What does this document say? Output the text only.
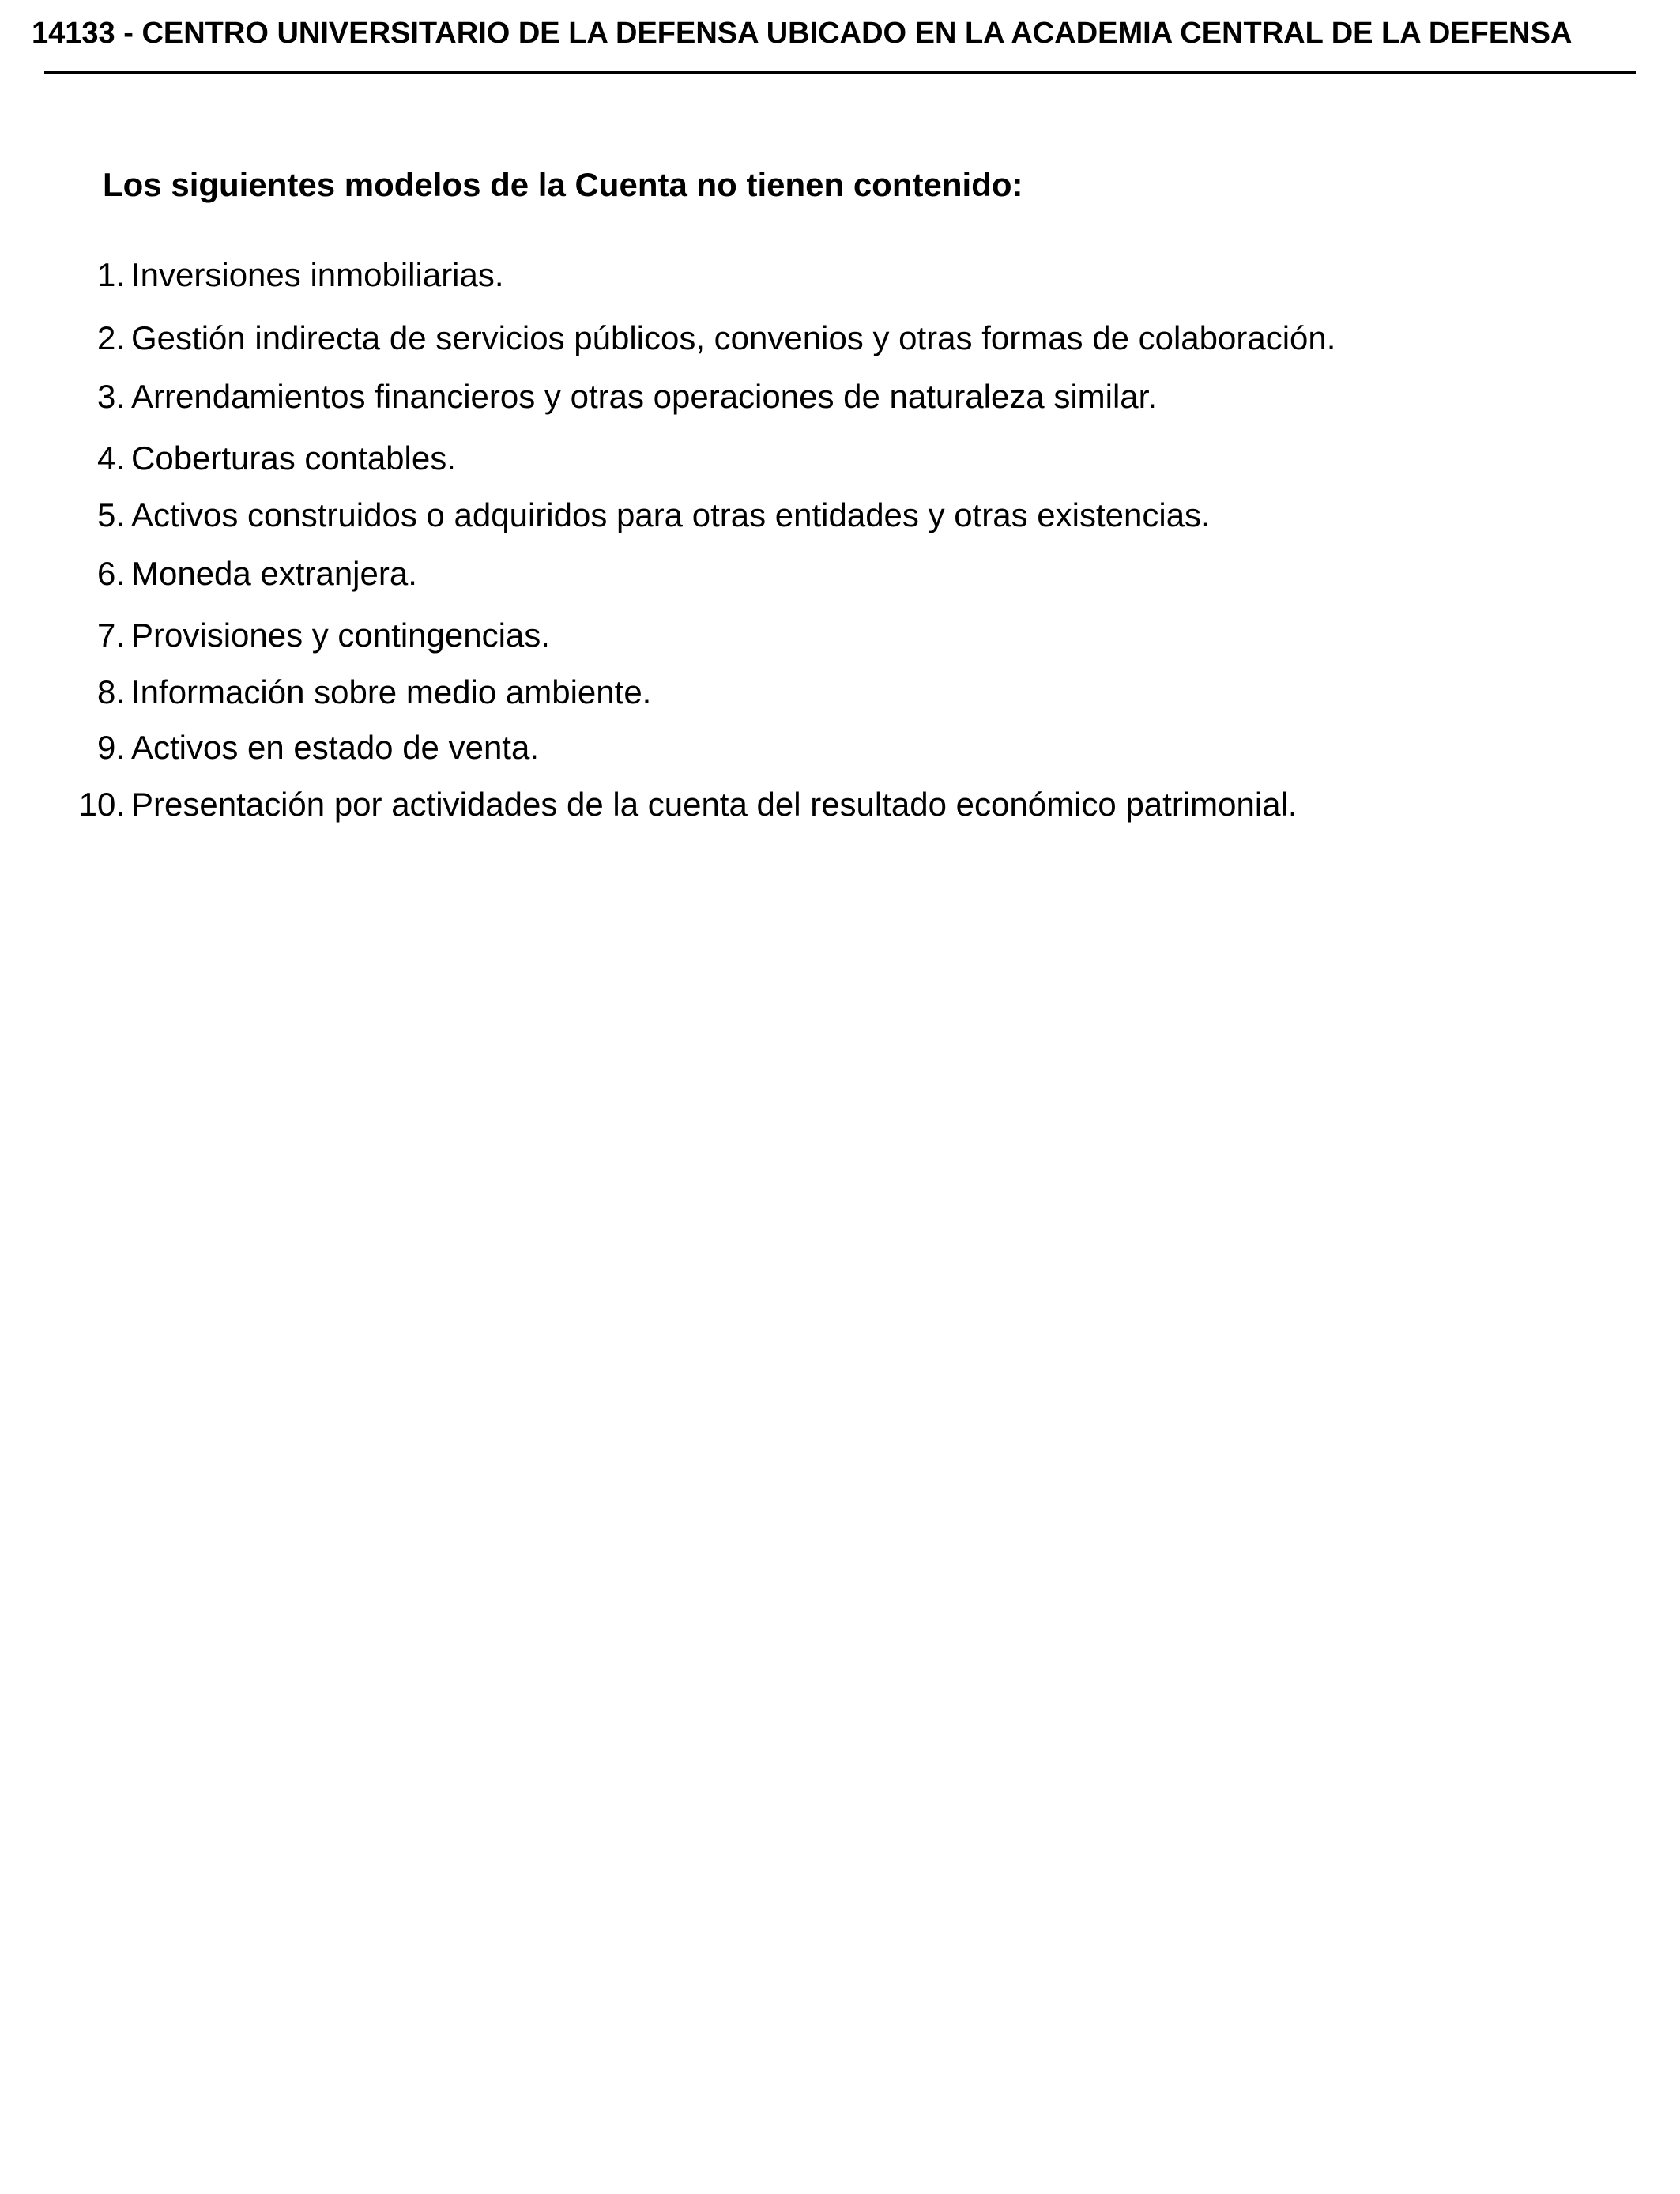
14133 - CENTRO UNIVERSITARIO DE LA DEFENSA UBICADO EN LA ACADEMIA CENTRAL DE LA DEFENSA
Los siguientes modelos de la Cuenta no tienen contenido:
1. Inversiones inmobiliarias.
2. Gestión indirecta de servicios públicos, convenios y otras formas de colaboración.
3. Arrendamientos financieros y otras operaciones de naturaleza similar.
4. Coberturas contables.
5. Activos construidos o adquiridos para otras entidades y otras existencias.
6. Moneda extranjera.
7. Provisiones y contingencias.
8. Información sobre medio ambiente.
9. Activos en estado de venta.
10. Presentación por actividades de la cuenta del resultado económico patrimonial.
